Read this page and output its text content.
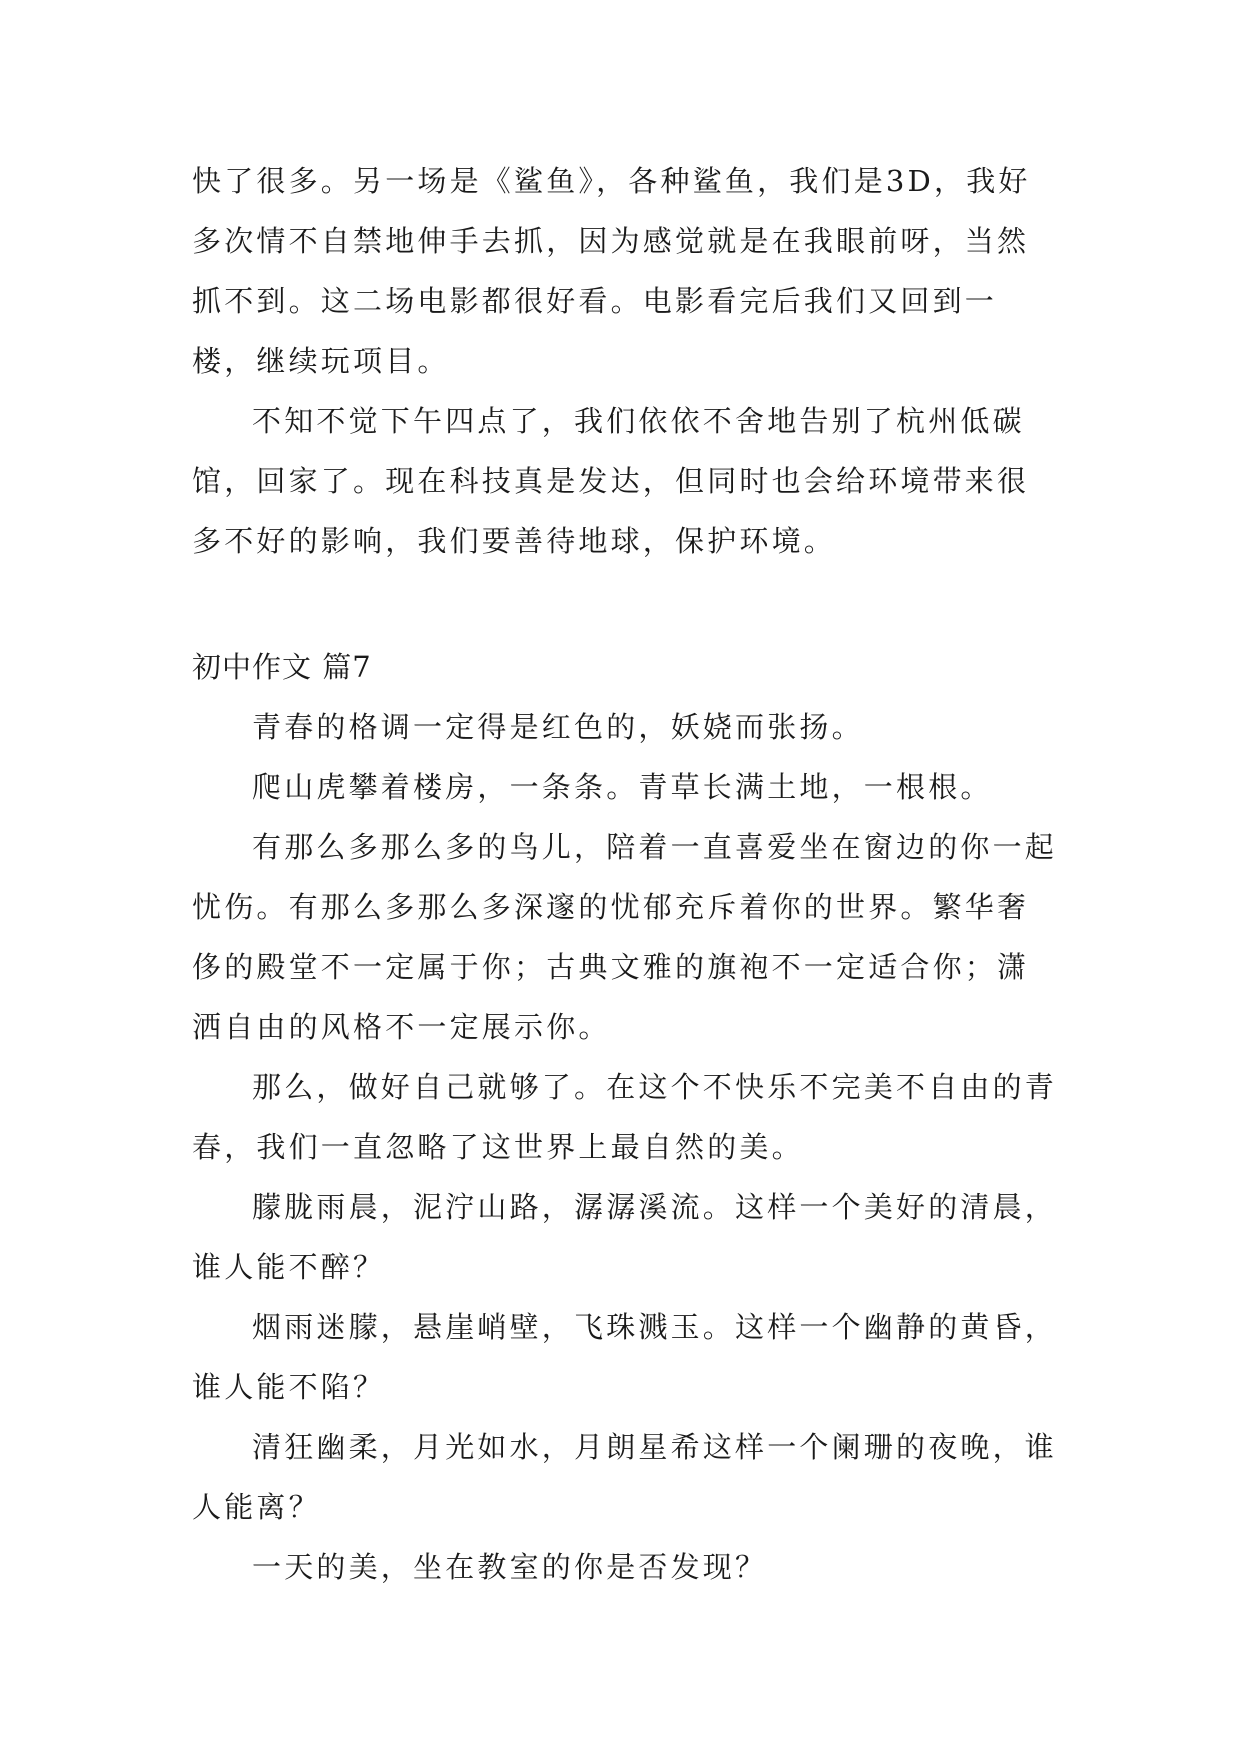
快了很多。另一场是《鲨鱼》，各种鲨鱼，我们是3D，我好多次情不自禁地伸手去抓，因为感觉就是在我眼前呀，当然抓不到。这二场电影都很好看。电影看完后我们又回到一楼，继续玩项目。

不知不觉下午四点了，我们依依不舍地告别了杭州低碳馆，回家了。现在科技真是发达，但同时也会给环境带来很多不好的影响，我们要善待地球，保护环境。

初中作文 篇7

青春的格调一定得是红色的，妖娆而张扬。

爬山虎攀着楼房，一条条。青草长满土地，一根根。

有那么多那么多的鸟儿，陪着一直喜爱坐在窗边的你一起忧伤。有那么多那么多深邃的忧郁充斥着你的世界。繁华奢侈的殿堂不一定属于你；古典文雅的旗袍不一定适合你；潇洒自由的风格不一定展示你。

那么，做好自己就够了。在这个不快乐不完美不自由的青春，我们一直忽略了这世界上最自然的美。

朦胧雨晨，泥泞山路，潺潺溪流。这样一个美好的清晨，谁人能不醉？

烟雨迷朦，悬崖峭壁，飞珠溅玉。这样一个幽静的黄昏，谁人能不陷？

清狂幽柔，月光如水，月朗星希这样一个阑珊的夜晚，谁人能离？

一天的美，坐在教室的你是否发现？
